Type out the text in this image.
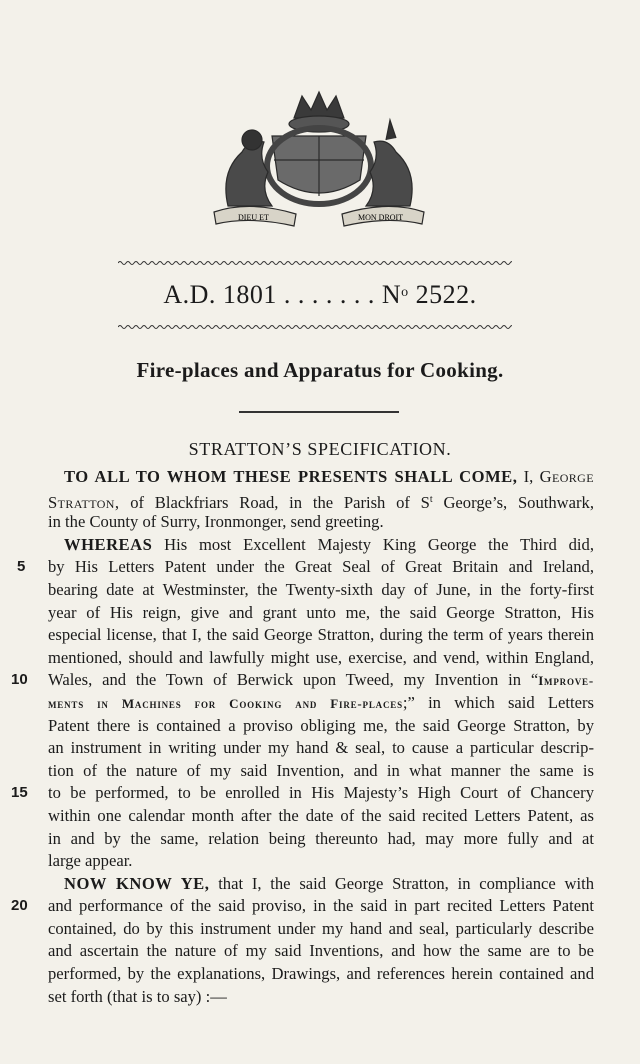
DIEU ET	MON DROIT
A.D. 1801 . . . . . . . $N^o$ 2522.
Fire-places and Apparatus for Cooking.
STRATTON’S SPECIFICATION.
TO ALL TO WHOM THESE PRESENTS SHALL COME, I, George
Stratton, of Blackfriars Road, in the Parish of $S^t$ George’s, Southwark,
in the County of Surry, Ironmonger, send greeting.
WHEREAS His most Excellent Majesty King George the Third did,
5 by His Letters Patent under the Great Seal of Great Britain and Ireland,
bearing date at Westminster, the Twenty-sixth day of June, in the forty-first
year of His reign, give and grant unto me, the said George Stratton, His
especial license, that I, the said George Stratton, during the term of years therein
mentioned, should and lawfully might use, exercise, and vend, within England,
10 Wales, and the Town of Berwick upon Tweed, my Invention in “Improve-
ments in Machines for Cooking and Fire-places;” in which said Letters
Patent there is contained a proviso obliging me, the said George Stratton, by
an instrument in writing under my hand & seal, to cause a particular descrip-
tion of the nature of my said Invention, and in what manner the same is
15 to be performed, to be enrolled in His Majesty’s High Court of Chancery
within one calendar month after the date of the said recited Letters Patent, as
in and by the same, relation being thereunto had, may more fully and at
large appear.
NOW KNOW YE, that I, the said George Stratton, in compliance with
20 and performance of the said proviso, in the said in part recited Letters Patent
contained, do by this instrument under my hand and seal, particularly describe
and ascertain the nature of my said Inventions, and how the same are to be
performed, by the explanations, Drawings, and references herein contained and
set forth (that is to say) :—
